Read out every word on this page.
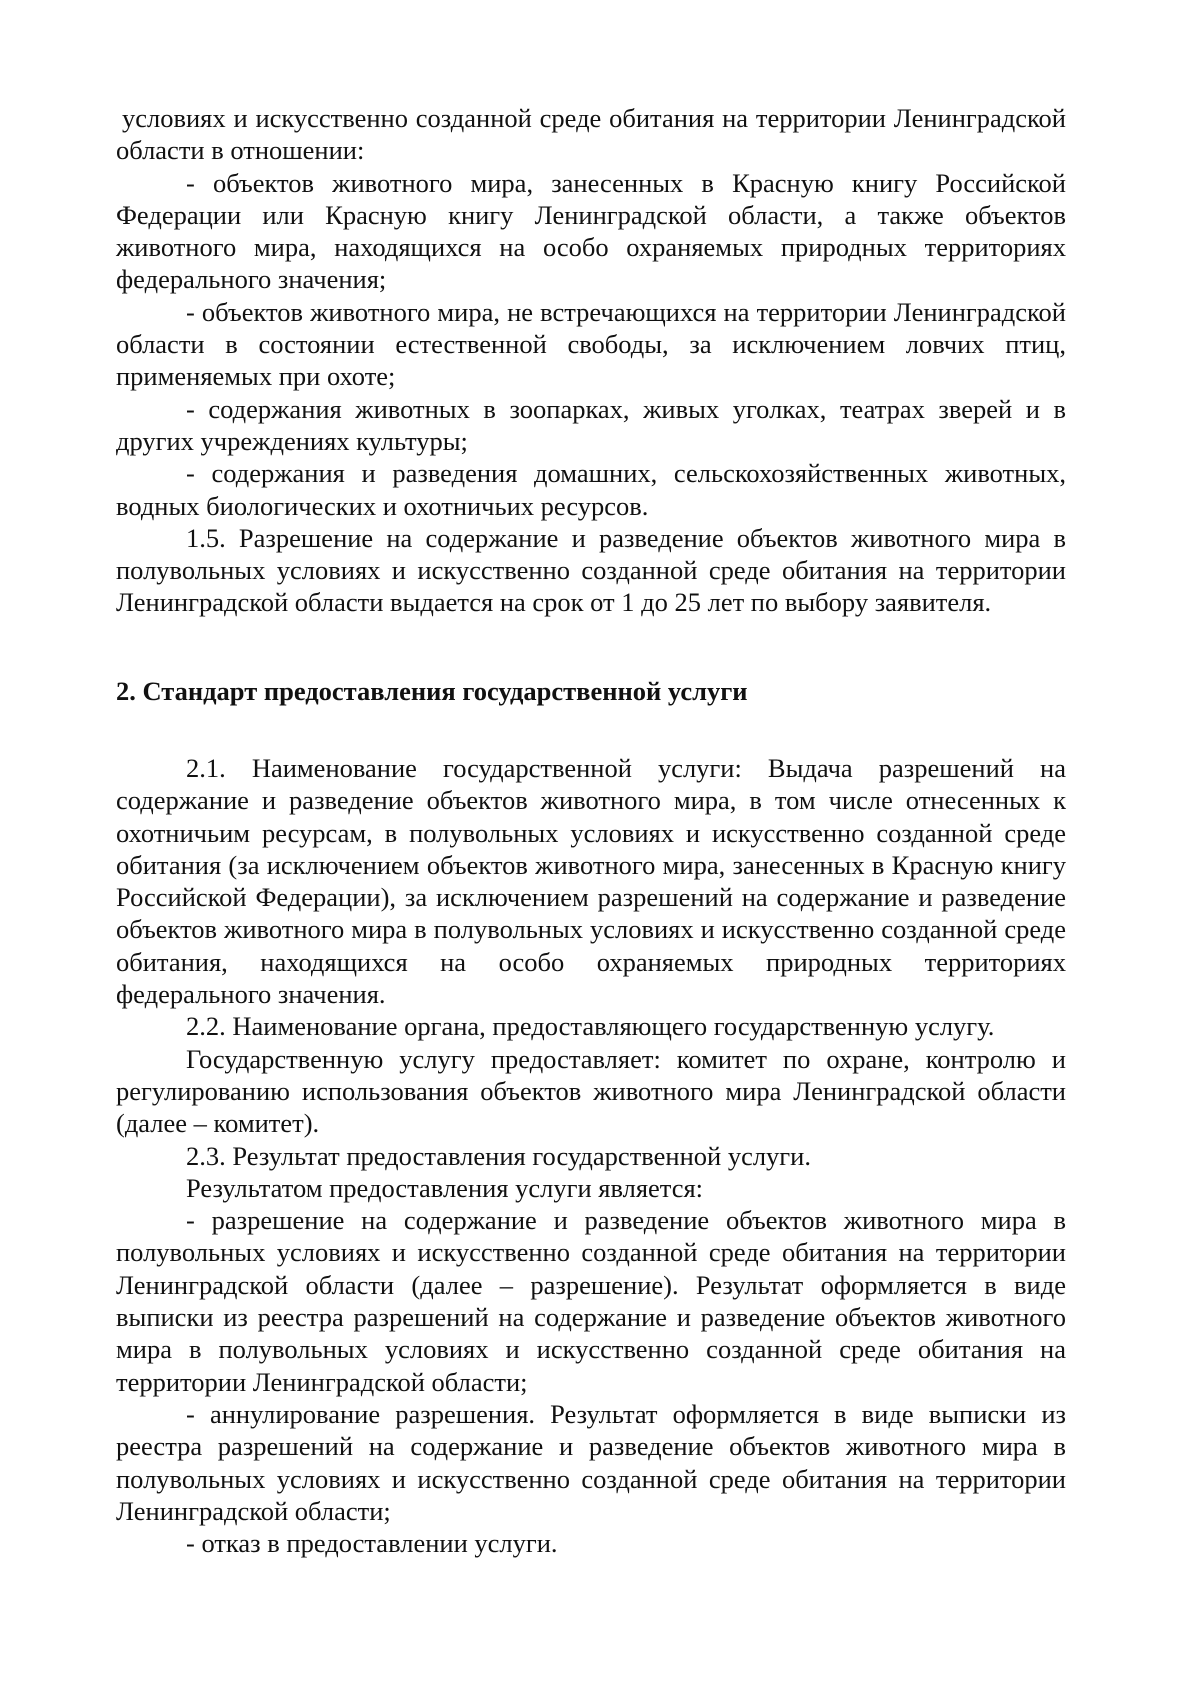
условиях и искусственно созданной среде обитания на территории Ленинградской области в отношении:

- объектов животного мира, занесенных в Красную книгу Российской Федерации или Красную книгу Ленинградской области, а также объектов животного мира, находящихся на особо охраняемых природных территориях федерального значения;

- объектов животного мира, не встречающихся на территории Ленинградской области в состоянии естественной свободы, за исключением ловчих птиц, применяемых при охоте;

- содержания животных в зоопарках, живых уголках, театрах зверей и в других учреждениях культуры;

- содержания и разведения домашних, сельскохозяйственных животных, водных биологических и охотничьих ресурсов.

1.5. Разрешение на содержание и разведение объектов животного мира в полувольных условиях и искусственно созданной среде обитания на территории Ленинградской области выдается на срок от 1 до 25 лет по выбору заявителя.

2. Стандарт предоставления государственной услуги

2.1. Наименование государственной услуги: Выдача разрешений на содержание и разведение объектов животного мира, в том числе отнесенных к охотничьим ресурсам, в полувольных условиях и искусственно созданной среде обитания (за исключением объектов животного мира, занесенных в Красную книгу Российской Федерации), за исключением разрешений на содержание и разведение объектов животного мира в полувольных условиях и искусственно созданной среде обитания, находящихся на особо охраняемых природных территориях федерального значения.

2.2. Наименование органа, предоставляющего государственную услугу.

Государственную услугу предоставляет: комитет по охране, контролю и регулированию использования объектов животного мира Ленинградской области (далее – комитет).

2.3. Результат предоставления государственной услуги.

Результатом предоставления услуги является:

- разрешение на содержание и разведение объектов животного мира в полувольных условиях и искусственно созданной среде обитания на территории Ленинградской области (далее – разрешение). Результат оформляется в виде выписки из реестра разрешений на содержание и разведение объектов животного мира в полувольных условиях и искусственно созданной среде обитания на территории Ленинградской области;

- аннулирование разрешения. Результат оформляется в виде выписки из реестра разрешений на содержание и разведение объектов животного мира в полувольных условиях и искусственно созданной среде обитания на территории Ленинградской области;

- отказ в предоставлении услуги.
